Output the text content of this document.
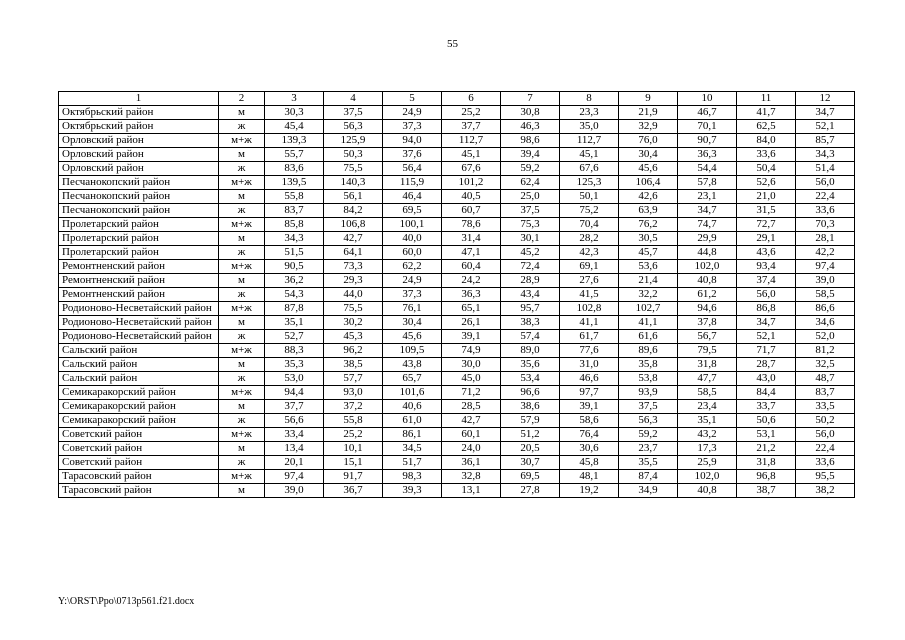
55
1	2	3	4	5	6	7	8	9	10	11	12
Октябрьский район	м	30,3	37,5	24,9	25,2	30,8	23,3	21,9	46,7	41,7	34,7
Октябрьский район	ж	45,4	56,3	37,3	37,7	46,3	35,0	32,9	70,1	62,5	52,1
Орловский район	м+ж	139,3	125,9	94,0	112,7	98,6	112,7	76,0	90,7	84,0	85,7
Орловский район	м	55,7	50,3	37,6	45,1	39,4	45,1	30,4	36,3	33,6	34,3
Орловский район	ж	83,6	75,5	56,4	67,6	59,2	67,6	45,6	54,4	50,4	51,4
Песчанокопский район	м+ж	139,5	140,3	115,9	101,2	62,4	125,3	106,4	57,8	52,6	56,0
Песчанокопский район	м	55,8	56,1	46,4	40,5	25,0	50,1	42,6	23,1	21,0	22,4
Песчанокопский район	ж	83,7	84,2	69,5	60,7	37,5	75,2	63,9	34,7	31,5	33,6
Пролетарский район	м+ж	85,8	106,8	100,1	78,6	75,3	70,4	76,2	74,7	72,7	70,3
Пролетарский район	м	34,3	42,7	40,0	31,4	30,1	28,2	30,5	29,9	29,1	28,1
Пролетарский район	ж	51,5	64,1	60,0	47,1	45,2	42,3	45,7	44,8	43,6	42,2
Ремонтненский район	м+ж	90,5	73,3	62,2	60,4	72,4	69,1	53,6	102,0	93,4	97,4
Ремонтненский район	м	36,2	29,3	24,9	24,2	28,9	27,6	21,4	40,8	37,4	39,0
Ремонтненский район	ж	54,3	44,0	37,3	36,3	43,4	41,5	32,2	61,2	56,0	58,5
Родионово-Несветайский район	м+ж	87,8	75,5	76,1	65,1	95,7	102,8	102,7	94,6	86,8	86,6
Родионово-Несветайский район	м	35,1	30,2	30,4	26,1	38,3	41,1	41,1	37,8	34,7	34,6
Родионово-Несветайский район	ж	52,7	45,3	45,6	39,1	57,4	61,7	61,6	56,7	52,1	52,0
Сальский район	м+ж	88,3	96,2	109,5	74,9	89,0	77,6	89,6	79,5	71,7	81,2
Сальский район	м	35,3	38,5	43,8	30,0	35,6	31,0	35,8	31,8	28,7	32,5
Сальский район	ж	53,0	57,7	65,7	45,0	53,4	46,6	53,8	47,7	43,0	48,7
Семикаракорский район	м+ж	94,4	93,0	101,6	71,2	96,6	97,7	93,9	58,5	84,4	83,7
Семикаракорский район	м	37,7	37,2	40,6	28,5	38,6	39,1	37,5	23,4	33,7	33,5
Семикаракорский район	ж	56,6	55,8	61,0	42,7	57,9	58,6	56,3	35,1	50,6	50,2
Советский район	м+ж	33,4	25,2	86,1	60,1	51,2	76,4	59,2	43,2	53,1	56,0
Советский район	м	13,4	10,1	34,5	24,0	20,5	30,6	23,7	17,3	21,2	22,4
Советский район	ж	20,1	15,1	51,7	36,1	30,7	45,8	35,5	25,9	31,8	33,6
Тарасовский район	м+ж	97,4	91,7	98,3	32,8	69,5	48,1	87,4	102,0	96,8	95,5
Тарасовский район	м	39,0	36,7	39,3	13,1	27,8	19,2	34,9	40,8	38,7	38,2
Y:\ORST\Ppo\0713p561.f21.docx
